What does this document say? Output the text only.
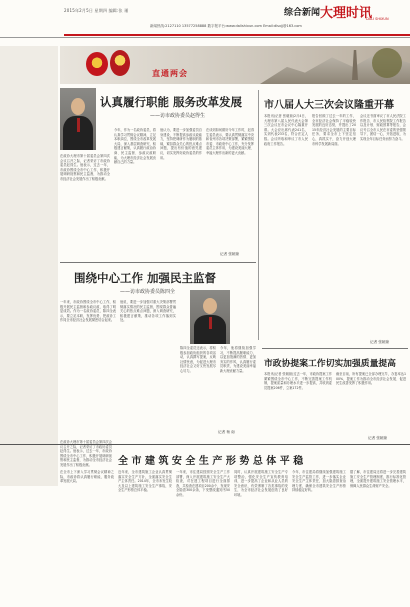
2015年2月5日 星期四 编辑:张 瑾	综合新闻 大理时讯
DALI SHIXUN
新闻热线:2127110 13577258888 数字报平台:www.dalishixun.com Email:dlsxjj@163.com
直通两会
认真履行职能 服务改革发展
——访市政协委员赵得生
在政协大理市第十届委员会第四次会议召开之际，记者采访了市政协委员赵得生。他表示，过去一年，市政协围绕全市中心工作，积极开展调研视察和民主监督，为推动全市经济社会发展作出了积极贡献。
今年，作为一名政协委员，将认真学习贯彻会议精神，立足本职岗位，围绕全市改革发展大局，深入基层调查研究，积极建言献策，认真履行政治协商、民主监督、参政议政职能，为大理市经济社会发展贡献自己的力量。
他认为，要进一步加强委员自身建设，不断提高参政议政能力，坚持把调研作为履职的基础，紧扣群众关心的热点难点问题，提出有价值的意见建议，切实发挥好政协委员的作用。
在谈到如何做好今年工作时，赵得生委员表示，要认真贯彻落实中央和省州市各项决策部署，紧紧围绕市委、市政府中心工作，充分发挥委员主体作用，为建设美丽大理、幸福大理作出新的更大贡献。
记者 张朝琼
市八届人大三次会议隆重开幕
本报讯(记者 张朝琼)2月4日，大理市第八届人民代表大会第三次会议在市会议中心隆重开幕。大会应出席代表241名，实到代表233名，符合法定人数。会议听取和审议了市人民政府工作报告。
报告回顾了过去一年的工作，全市经济社会保持了平稳较快发展的良好态势，并提出了2015年经济社会发展的主要目标任务，要求全市上下坚定信心，真抓实干，奋力开创大理市科学发展新局面。
会议还书面审议了市人民法院工作报告、市人民检察院工作报告以及计划、财政预算等报告，会议号召全市人民在市委的坚强领导下，团结一心，开拓进取，为实现全年目标任务而努力奋斗。
记者 张朝琼
围绕中心工作 加强民主监督
——访市政协委员陈四全
一年来，市政协围绕全市中心工作，积极开展民主监督和参政议政，取得了明显成效。作为一名政协委员，陈四全表示，要立足本职，发挥优势，把政协工作同全市经济社会发展紧密结合起来。
他说，要进一步加强对重大决策部署贯彻落实情况的民主监督，围绕群众普遍关心的热点难点问题，深入调查研究，积极建言献策，推动各项工作落到实处。
陈四全委员还表示，将积极参加政协组织的各项活动，认真撰写提案，反映社情民意，为促进大理市经济社会又好又快发展尽心尽力。
今年，他将继续加强学习，不断提高履职能力，以更加饱满的热情、更加务实的作风，认真履行委员职责，为建设美丽幸福新大理贡献力量。
记者 杨 南
市政协提案工作切实加强质量提高
本报讯(记者 张朝琼)过去一年，市政协提案工作紧紧围绕全市中心工作，不断完善提案工作机制，提案质量和办理水平进一步提高，共收到委员提案206件，立案172件。
截至目前，所有提案已全部办理完毕，办复率达100%，提案工作为推动全市经济社会发展、促进民生改善发挥了积极作用。
记者 张朝琼
在政协大理市第十届委员会第四次会议召开之际，记者采访了市政协委员赵得生。他表示，过去一年，市政协围绕全市中心工作，积极开展调研视察和民主监督，为推动全市经济社会发展作出了积极贡献。	全 市 建 筑 安 全 生 产 形 势 总 体 平 稳
在全市上下深入学习贯彻会议精神之际，市政协将认真履行职能，服务改革发展大局。
近年来，全市建筑施工企业认真贯彻落实安全生产方针，全面落实安全生产主体责任。2014年，全市未发生较大及以上建筑施工安全生产事故，安全生产形势总体平稳。
一年来，市住建局按照安全生产工作部署，深入开展建筑施工安全生产大检查，对在建工程项目进行全面排查，共检查在建项目200余个，发现安全隐患300余条，下发整改通知书50余份。
同时，认真开展建筑施工安全生产专项整治，强化安全生产宣传教育培训，进一步提高了企业和从业人员的安全意识，有效遏制了各类事故的发生，为全市经济社会发展创造了良好环境。
今年，市住建局将继续加强建筑施工安全生产监管工作，进一步落实企业安全生产主体责任，加大隐患排查治理力度，确保全市建筑安全生产形势持续稳定好转。
据了解，市住建局还将进一步完善建筑施工安全生产管理制度，推行标准化管理，全面提升建筑施工安全管理水平，保障人民群众生命财产安全。
